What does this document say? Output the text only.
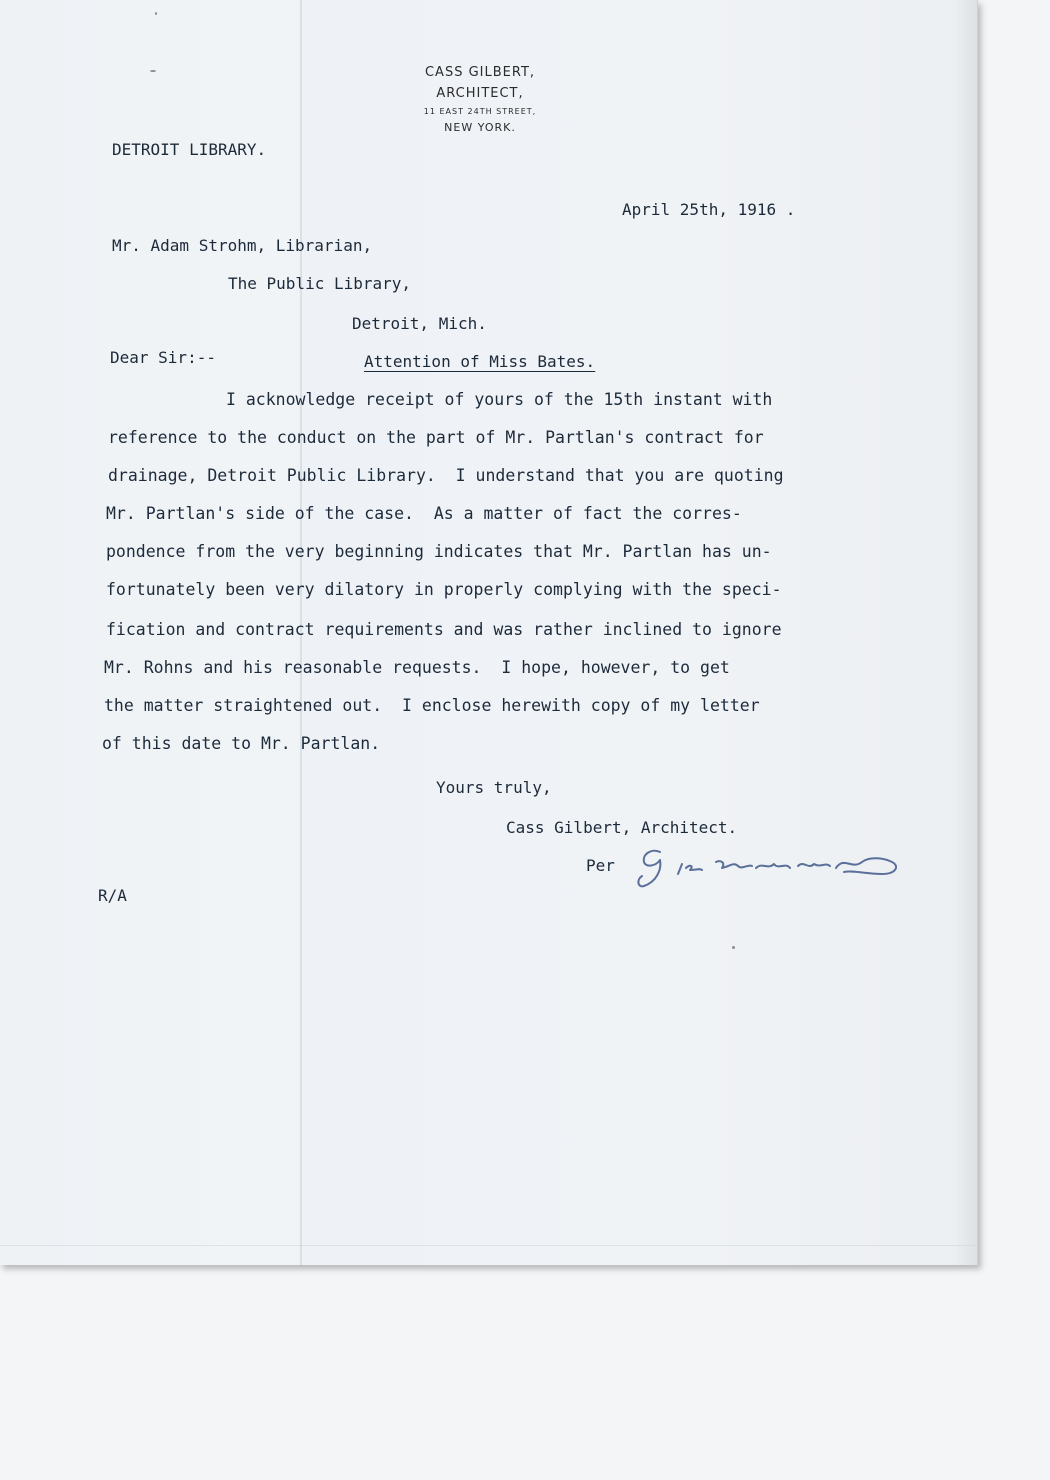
CASS GILBERT,
ARCHITECT,
11 EAST 24TH STREET,
NEW YORK.
DETROIT LIBRARY.
April 25th, 1916 .
Mr. Adam Strohm, Librarian,
The Public Library,
Detroit, Mich.
Dear Sir:--	Attention of Miss Bates.
I acknowledge receipt of yours of the 15th instant with
reference to the conduct on the part of Mr. Partlan's contract for
drainage, Detroit Public Library.  I understand that you are quoting
Mr. Partlan's side of the case.  As a matter of fact the corres-
pondence from the very beginning indicates that Mr. Partlan has un-
fortunately been very dilatory in properly complying with the speci-
fication and contract requirements and was rather inclined to ignore
Mr. Rohns and his reasonable requests.  I hope, however, to get
the matter straightened out.  I enclose herewith copy of my letter
of this date to Mr. Partlan.
Yours truly,
Cass Gilbert, Architect.
Per
R/A
